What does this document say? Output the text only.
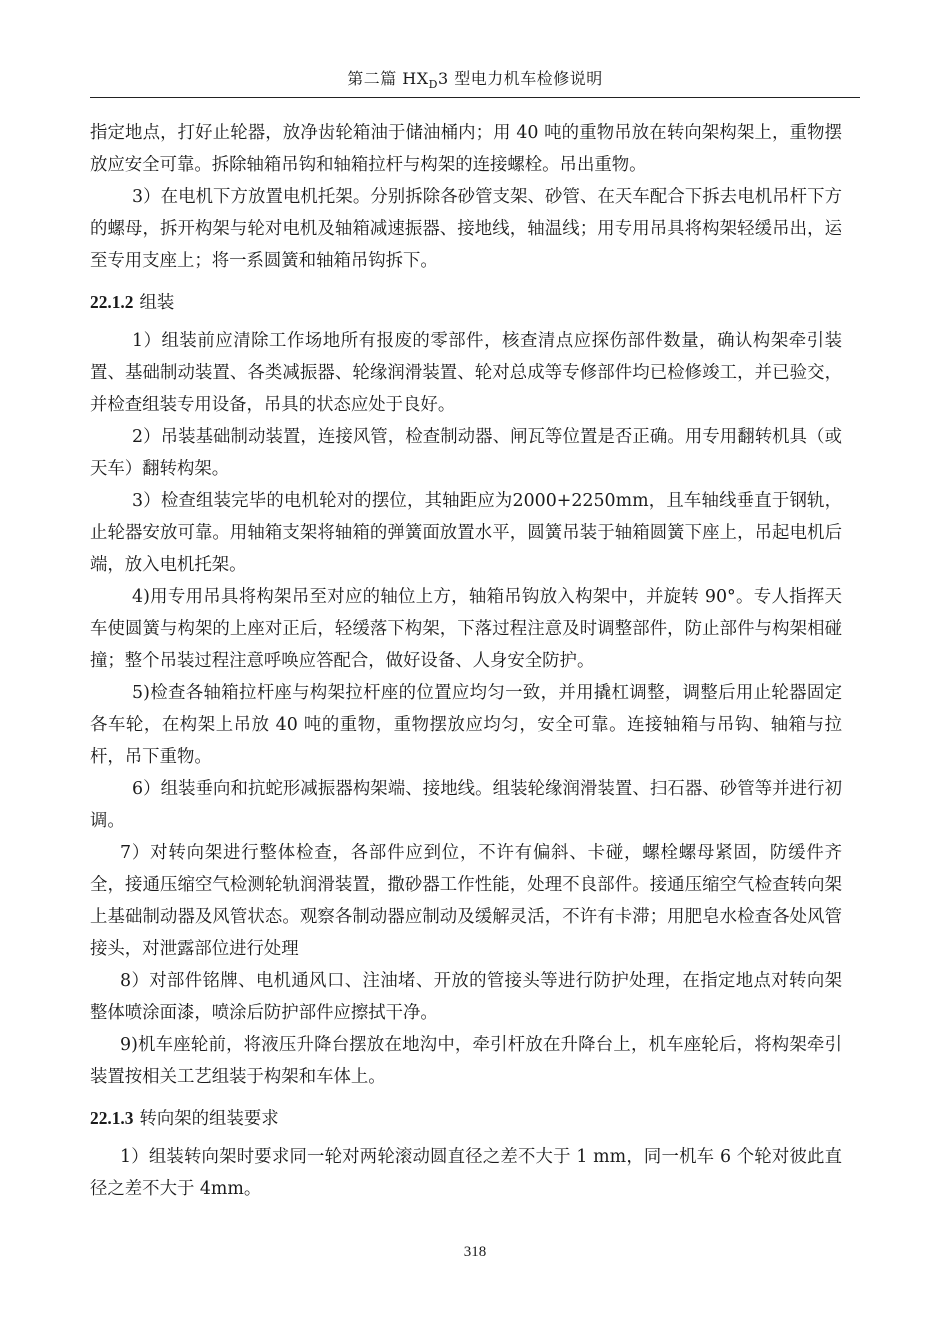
第二篇 $HX_D3$ 型电力机车检修说明

指定地点，打好止轮器，放净齿轮箱油于储油桶内；用 40 吨的重物吊放在转向架构架上，重物摆放应安全可靠。拆除轴箱吊钩和轴箱拉杆与构架的连接螺栓。吊出重物。

3）在电机下方放置电机托架。分别拆除各砂管支架、砂管、在天车配合下拆去电机吊杆下方的螺母，拆开构架与轮对电机及轴箱减速振器、接地线，轴温线；用专用吊具将构架轻缓吊出，运至专用支座上；将一系圆簧和轴箱吊钩拆下。

22.1.2 组装

1）组装前应清除工作场地所有报废的零部件，核查清点应探伤部件数量，确认构架牵引装置、基础制动装置、各类减振器、轮缘润滑装置、轮对总成等专修部件均已检修竣工，并已验交，并检查组装专用设备，吊具的状态应处于良好。

2）吊装基础制动装置，连接风管，检查制动器、闸瓦等位置是否正确。用专用翻转机具（或天车）翻转构架。

3）检查组装完毕的电机轮对的摆位，其轴距应为2000+2250mm，且车轴线垂直于钢轨，止轮器安放可靠。用轴箱支架将轴箱的弹簧面放置水平，圆簧吊装于轴箱圆簧下座上，吊起电机后端，放入电机托架。

4)用专用吊具将构架吊至对应的轴位上方，轴箱吊钩放入构架中，并旋转 90°。专人指挥天车使圆簧与构架的上座对正后，轻缓落下构架，下落过程注意及时调整部件，防止部件与构架相碰撞；整个吊装过程注意呼唤应答配合，做好设备、人身安全防护。

5)检查各轴箱拉杆座与构架拉杆座的位置应均匀一致，并用撬杠调整，调整后用止轮器固定各车轮，在构架上吊放 40 吨的重物，重物摆放应均匀，安全可靠。连接轴箱与吊钩、轴箱与拉杆，吊下重物。

6）组装垂向和抗蛇形减振器构架端、接地线。组装轮缘润滑装置、扫石器、砂管等并进行初调。

7）对转向架进行整体检查，各部件应到位，不许有偏斜、卡碰，螺栓螺母紧固，防缓件齐全，接通压缩空气检测轮轨润滑装置，撒砂器工作性能，处理不良部件。接通压缩空气检查转向架上基础制动器及风管状态。观察各制动器应制动及缓解灵活，不许有卡滞；用肥皂水检查各处风管接头，对泄露部位进行处理

8）对部件铭牌、电机通风口、注油堵、开放的管接头等进行防护处理，在指定地点对转向架整体喷涂面漆，喷涂后防护部件应擦拭干净。

9)机车座轮前，将液压升降台摆放在地沟中，牵引杆放在升降台上，机车座轮后，将构架牵引装置按相关工艺组装于构架和车体上。

22.1.3 转向架的组装要求

1）组装转向架时要求同一轮对两轮滚动圆直径之差不大于 1 mm，同一机车 6 个轮对彼此直径之差不大于 4mm。

318
